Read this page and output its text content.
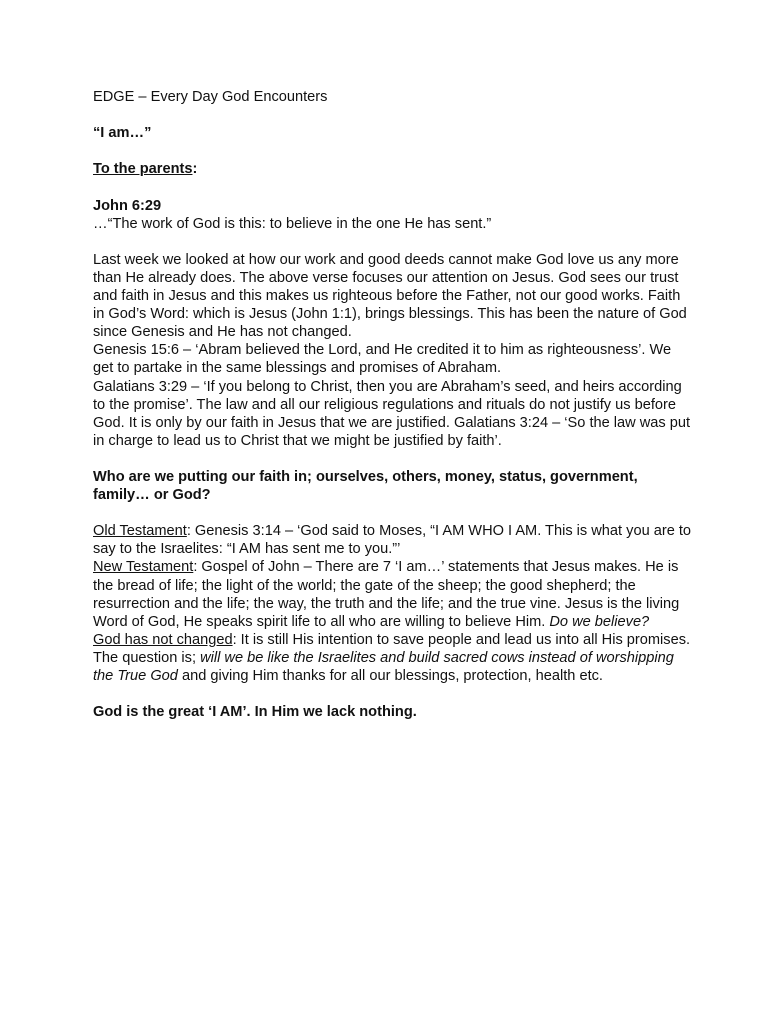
EDGE – Every Day God Encounters

“I am…”

To the parents:

John 6:29
…“The work of God is this: to believe in the one He has sent.”

Last week we looked at how our work and good deeds cannot make God love us any more than He already does. The above verse focuses our attention on Jesus. God sees our trust and faith in Jesus and this makes us righteous before the Father, not our good works. Faith in God’s Word: which is Jesus (John 1:1), brings blessings. This has been the nature of God since Genesis and He has not changed.
Genesis 15:6 – ‘Abram believed the Lord, and He credited it to him as righteousness’. We get to partake in the same blessings and promises of Abraham.
Galatians 3:29 – ‘If you belong to Christ, then you are Abraham’s seed, and heirs according to the promise’. The law and all our religious regulations and rituals do not justify us before God. It is only by our faith in Jesus that we are justified. Galatians 3:24 – ‘So the law was put in charge to lead us to Christ that we might be justified by faith’.

Who are we putting our faith in; ourselves, others, money, status, government, family… or God?

Old Testament: Genesis 3:14 – ‘God said to Moses, “I AM WHO I AM. This is what you are to say to the Israelites: “I AM has sent me to you.”’
New Testament: Gospel of John – There are 7 ‘I am…’ statements that Jesus makes. He is the bread of life; the light of the world; the gate of the sheep; the good shepherd; the resurrection and the life; the way, the truth and the life; and the true vine. Jesus is the living Word of God, He speaks spirit life to all who are willing to believe Him. Do we believe?
God has not changed: It is still His intention to save people and lead us into all His promises. The question is; will we be like the Israelites and build sacred cows instead of worshipping the True God and giving Him thanks for all our blessings, protection, health etc.

God is the great ‘I AM’. In Him we lack nothing.
